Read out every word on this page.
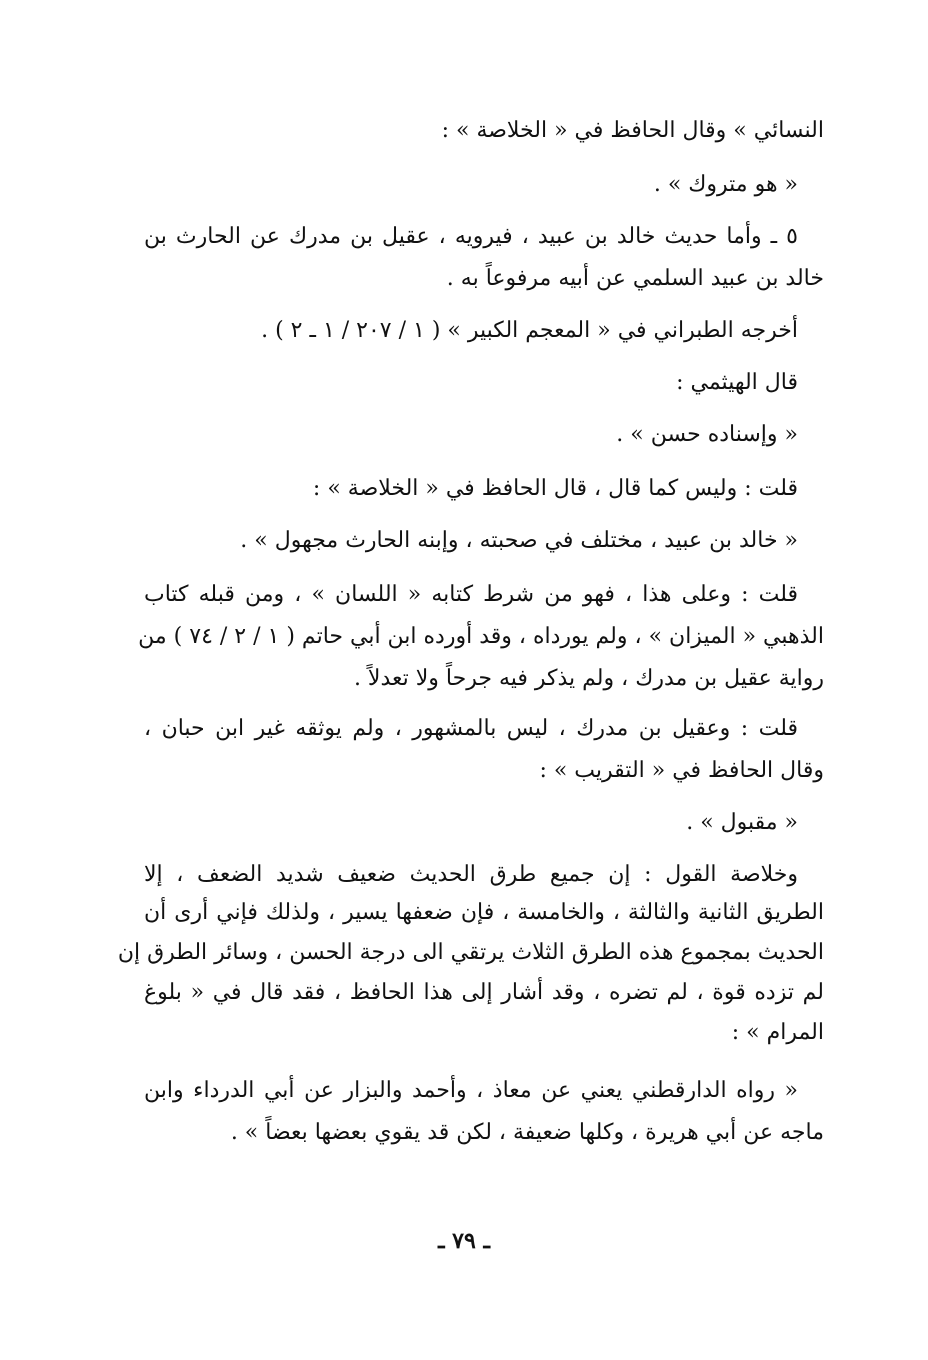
النسائي » وقال الحافظ في « الخلاصة » :
« هو متروك » .
٥ ـ وأما حديث خالد بن عبيد ، فيرويه ، عقيل بن مدرك عن الحارث بن
خالد بن عبيد السلمي عن أبيه مرفوعاً به .
أخرجه الطبراني في « المعجم الكبير » ( ١ / ٢٠٧ / ١ ـ ٢ ) .
قال الهيثمي :
« وإسناده حسن » .
قلت : وليس كما قال ، قال الحافظ في « الخلاصة » :
« خالد بن عبيد ، مختلف في صحبته ، وإبنه الحارث مجهول » .
قلت : وعلى هذا ، فهو من شرط كتابه « اللسان » ، ومن قبله كتاب
الذهبي « الميزان » ، ولم يورداه ، وقد أورده ابن أبي حاتم ( ١ / ٢ / ٧٤ ) من
رواية عقيل بن مدرك ، ولم يذكر فيه جرحاً ولا تعدلاً .
قلت : وعقيل بن مدرك ، ليس بالمشهور ، ولم يوثقه غير ابن حبان ،
وقال الحافظ في « التقريب » :
« مقبول » .
وخلاصة القول : إن جميع طرق الحديث ضعيف شديد الضعف ، إلا
الطريق الثانية والثالثة ، والخامسة ، فإن ضعفها يسير ، ولذلك فإني أرى أن
الحديث بمجموع هذه الطرق الثلاث يرتقي الى درجة الحسن ، وسائر الطرق إن
لم تزده قوة ، لم تضره ، وقد أشار إلى هذا الحافظ ، فقد قال في « بلوغ
المرام » :
« رواه الدارقطني يعني عن معاذ ، وأحمد والبزار عن أبي الدرداء وابن
ماجه عن أبي هريرة ، وكلها ضعيفة ، لكن قد يقوي بعضها بعضاً » .
ـ ٧٩ ـ
